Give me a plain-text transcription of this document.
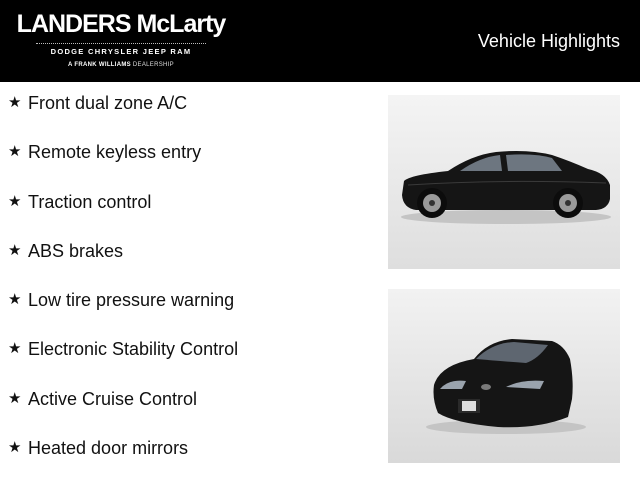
LANDERS McLarty
DODGE CHRYSLER JEEP RAM
A FRANK WILLIAMS DEALERSHIP
Vehicle Highlights
★ Front dual zone A/C
★ Remote keyless entry
★ Traction control
★ ABS brakes
★ Low tire pressure warning
★ Electronic Stability Control
★ Active Cruise Control
★ Heated door mirrors
